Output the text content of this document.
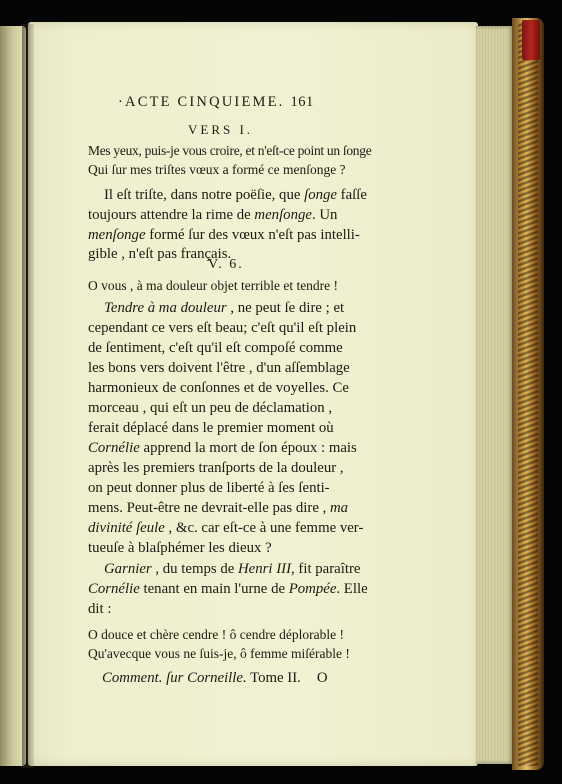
·ACTE CINQUIEME. 161
VERS I.
Mes yeux, puis-je vous croire, et n'eſt-ce point un ſonge
Qui ſur mes triſtes vœux a formé ce menſonge ?
Il eſt triſte, dans notre poëſie, que ſonge faſſe
toujours attendre la rime de menſonge. Un
menſonge formé ſur des vœux n'eſt pas intelli-
gible , n'eſt pas français.
V. 6.
O vous , à ma douleur objet terrible et tendre !
Tendre à ma douleur , ne peut ſe dire ; et
cependant ce vers eſt beau; c'eſt qu'il eſt plein
de ſentiment, c'eſt qu'il eſt compoſé comme
les bons vers doivent l'être , d'un aſſemblage
harmonieux de conſonnes et de voyelles. Ce
morceau , qui eſt un peu de déclamation ,
ferait déplacé dans le premier moment où
Cornélie apprend la mort de ſon époux : mais
après les premiers tranſports de la douleur ,
on peut donner plus de liberté à ſes ſenti-
mens. Peut-être ne devrait-elle pas dire , ma
divinité ſeule , &c. car eſt-ce à une femme ver-
tueuſe à blaſphémer les dieux ?
Garnier , du temps de Henri III, fit paraître
Cornélie tenant en main l'urne de Pompée. Elle
dit :
O douce et chère cendre ! ô cendre déplorable !
Qu'avecque vous ne ſuis-je, ô femme miſérable !
Comment. ſur Corneille. Tome II. O
